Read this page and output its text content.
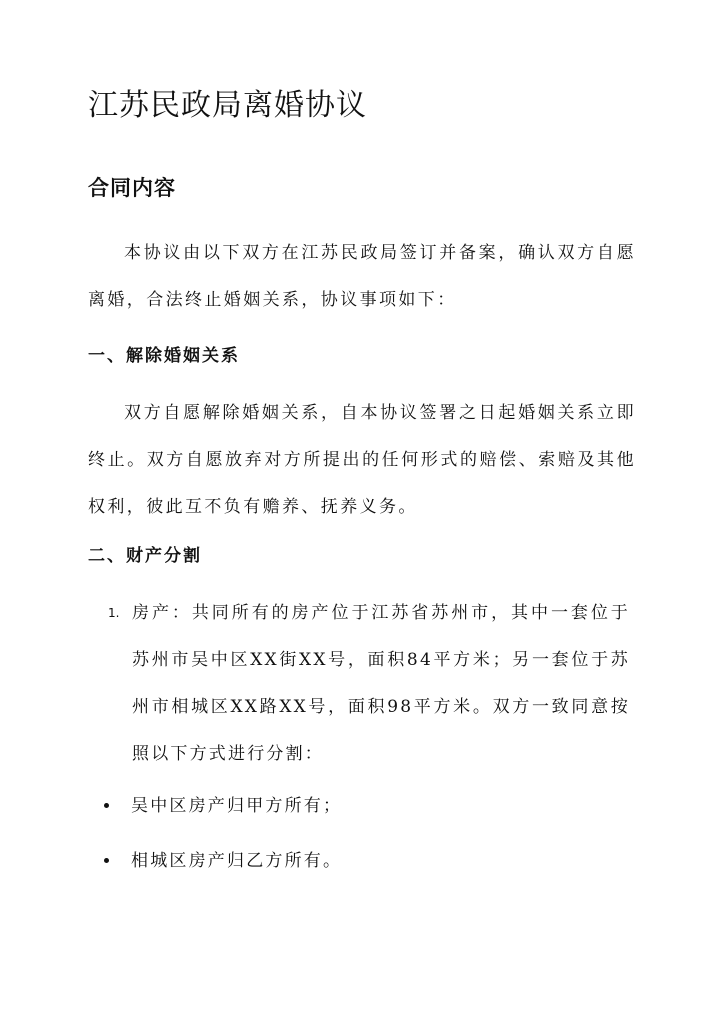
江苏民政局离婚协议
合同内容

本协议由以下双方在江苏民政局签订并备案，确认双方自愿离婚，合法终止婚姻关系，协议事项如下：

一、解除婚姻关系

双方自愿解除婚姻关系，自本协议签署之日起婚姻关系立即终止。双方自愿放弃对方所提出的任何形式的赔偿、索赔及其他权利，彼此互不负有赡养、抚养义务。

二、财产分割
1. 房产：共同所有的房产位于江苏省苏州市，其中一套位于苏州市吴中区XX街XX号，面积84平方米；另一套位于苏州市相城区XX路XX号，面积98平方米。双方一致同意按照以下方式进行分割：

吴中区房产归甲方所有；
相城区房产归乙方所有。
